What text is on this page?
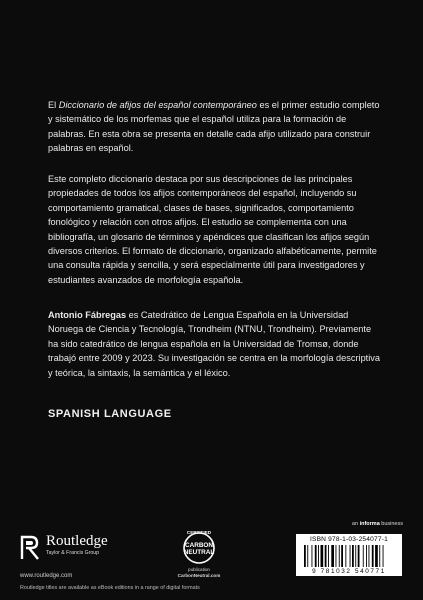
El Diccionario de afijos del español contemporáneo es el primer estudio completo y sistemático de los morfemas que el español utiliza para la formación de palabras. En esta obra se presenta en detalle cada afijo utilizado para construir palabras en español.
Este completo diccionario destaca por sus descripciones de las principales propiedades de todos los afijos contemporáneos del español, incluyendo su comportamiento gramatical, clases de bases, significados, comportamiento fonológico y relación con otros afijos. El estudio se complementa con una bibliografía, un glosario de términos y apéndices que clasifican los afijos según diversos criterios. El formato de diccionario, organizado alfabéticamente, permite una consulta rápida y sencilla, y será especialmente útil para investigadores y estudiantes avanzados de morfología española.
Antonio Fábregas es Catedrático de Lengua Española en la Universidad Noruega de Ciencia y Tecnología, Trondheim (NTNU, Trondheim). Previamente ha sido catedrático de lengua española en la Universidad de Tromsø, donde trabajó entre 2009 y 2023. Su investigación se centra en la morfología descriptiva y teórica, la sintaxis, la semántica y el léxico.
SPANISH LANGUAGE
Routledge
Taylor & Francis Group
www.routledge.com
CERTIFIED
CARBON
NEUTRAL
publication
CarbonNeutral.com
an informa business
ISBN 978-1-03-254077-1
9 781032 540771
Routledge titles are available as eBook editions in a range of digital formats
